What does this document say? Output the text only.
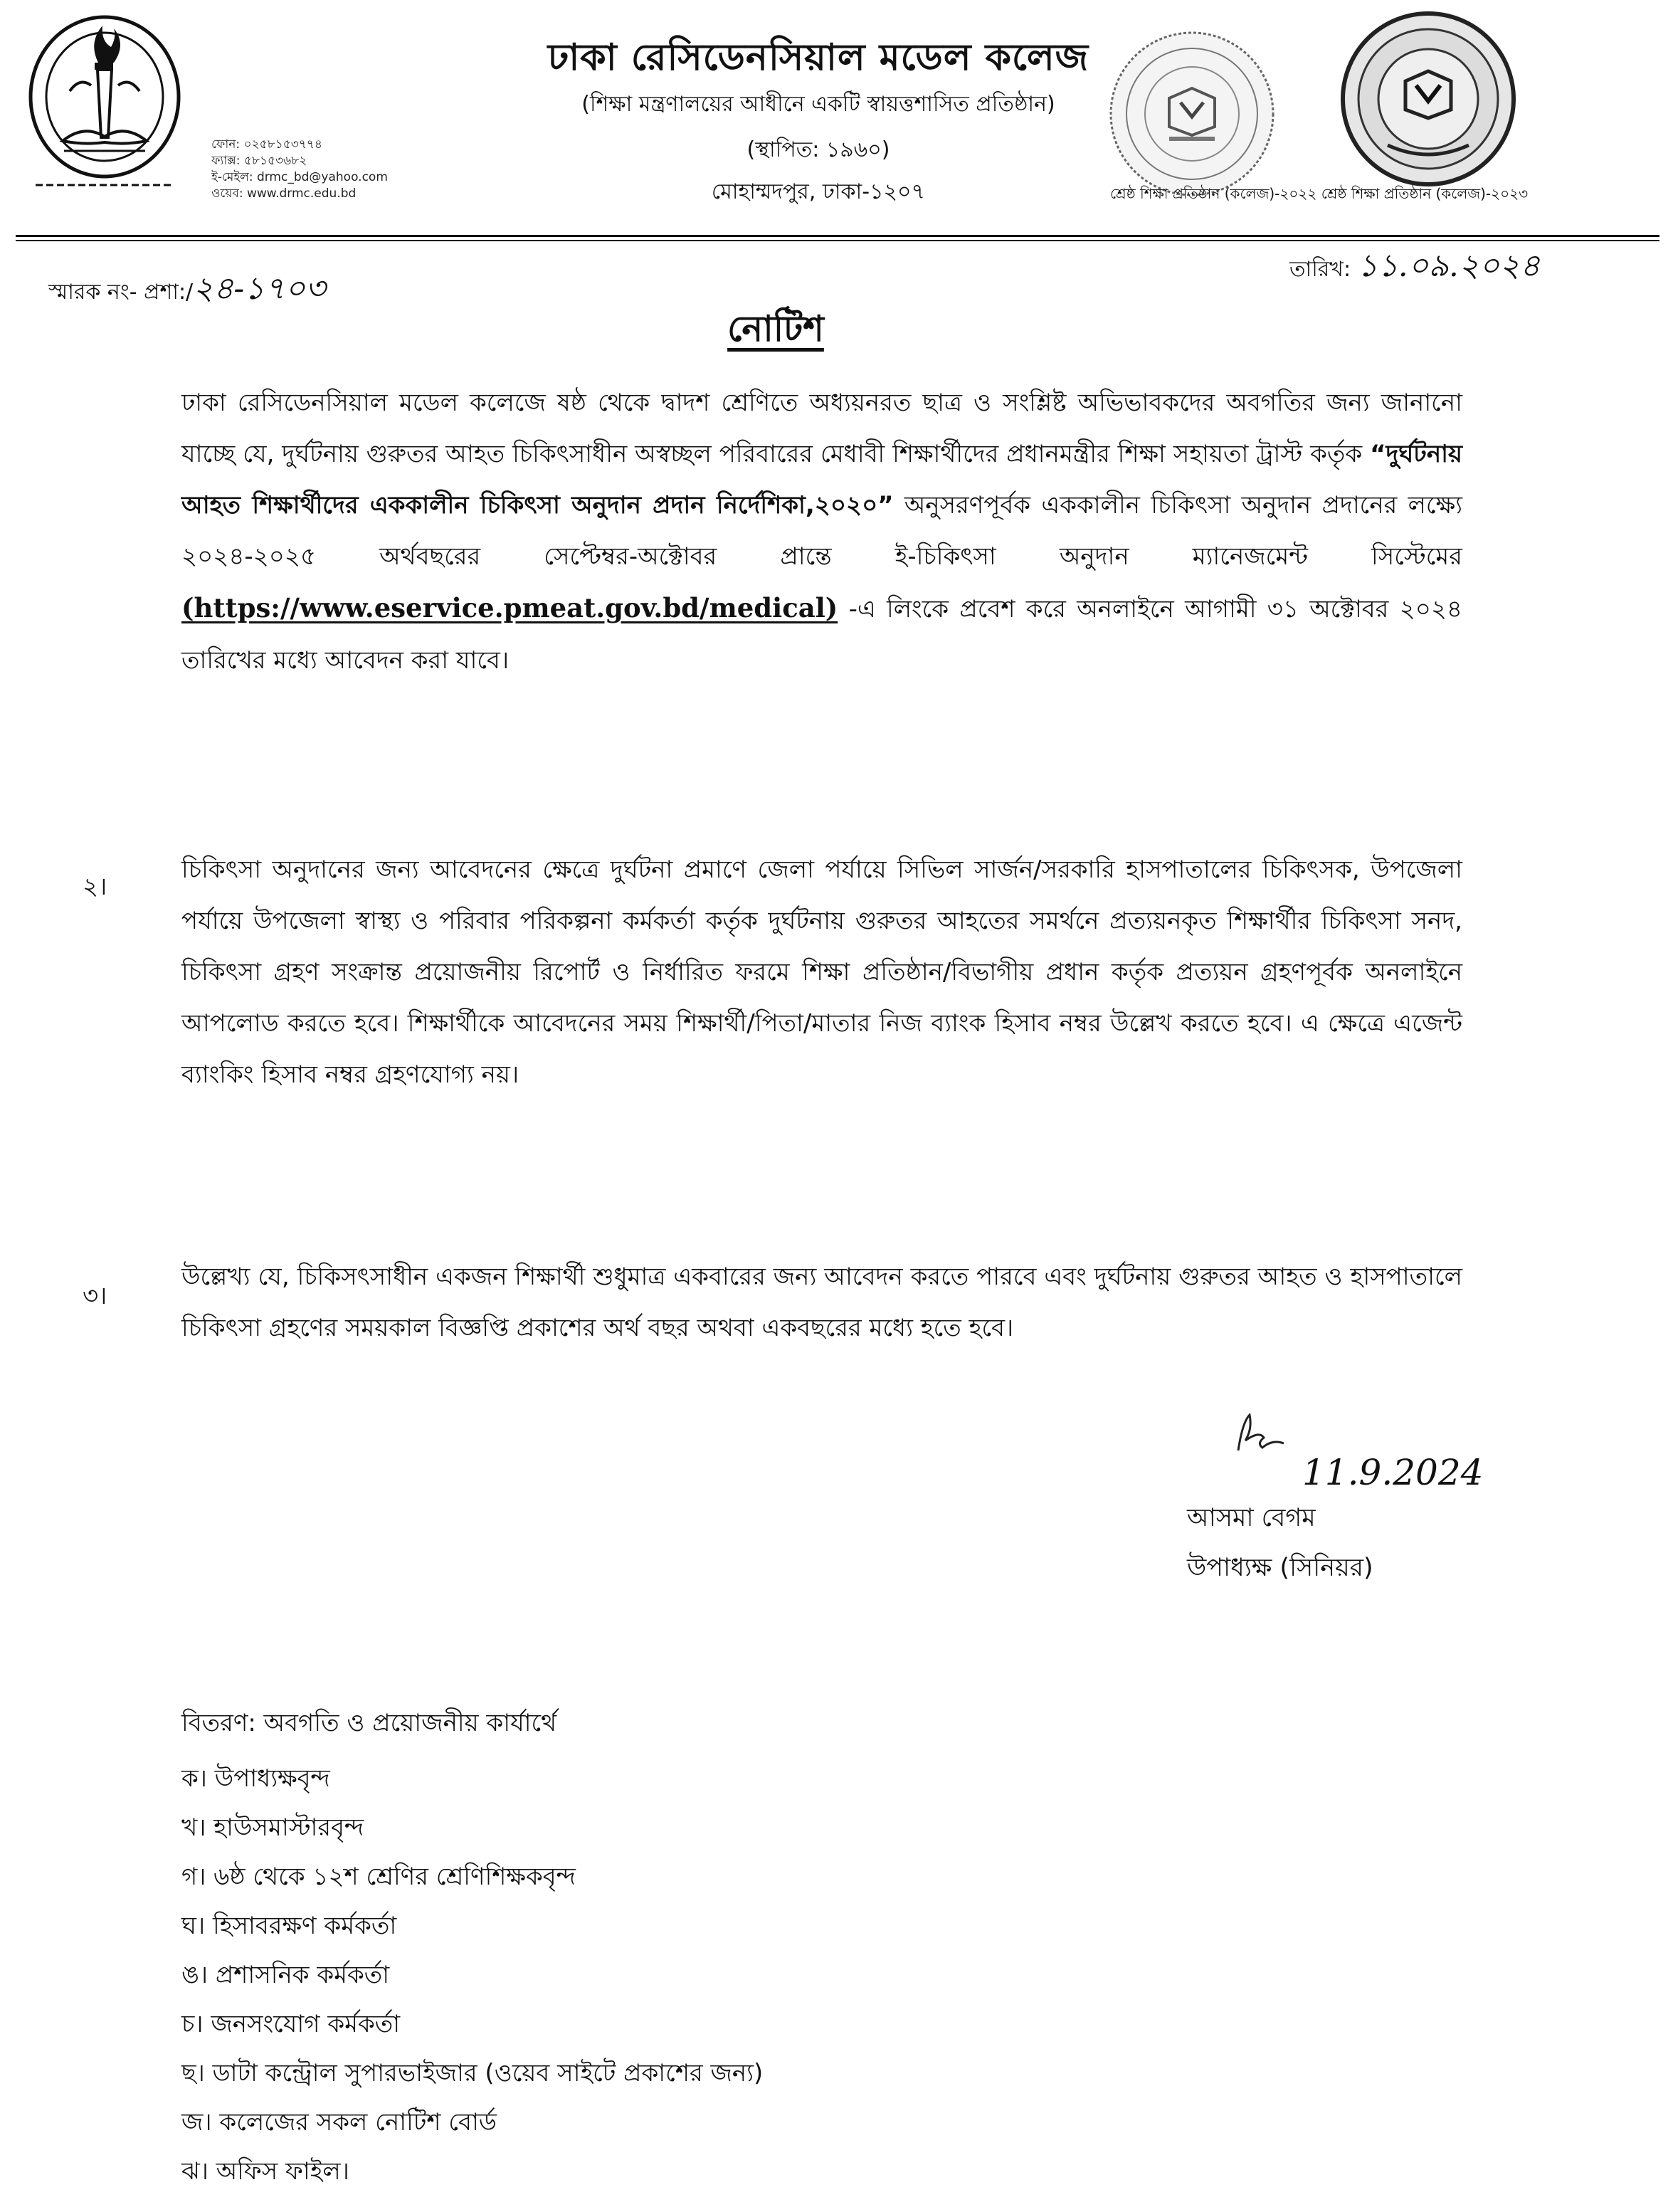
ফোন: ০২৫৮১৫৩৭৭৪
ফ্যাক্স: ৫৮১৫৩৬৮২
ই-মেইল: drmc_bd@yahoo.com
ওয়েব: www.drmc.edu.bd
ঢাকা রেসিডেনসিয়াল মডেল কলেজ
(শিক্ষা মন্ত্রণালয়ের আধীনে একটি স্বায়ত্তশাসিত প্রতিষ্ঠান)
(স্থাপিত: ১৯৬০)
মোহাম্মদপুর, ঢাকা-১২০৭	শ্রেষ্ঠ শিক্ষা প্রতিষ্ঠান (কলেজ)-২০২২ শ্রেষ্ঠ শিক্ষা প্রতিষ্ঠান (কলেজ)-২০২৩
স্মারক নং- প্রশা:/২৪-১৭০৩
তারিখ: ১১.০৯.২০২৪
নোটিশ
ঢাকা রেসিডেনসিয়াল মডেল কলেজে ষষ্ঠ থেকে দ্বাদশ শ্রেণিতে অধ্যয়নরত ছাত্র ও সংশ্লিষ্ট অভিভাবকদের অবগতির জন্য জানানো যাচ্ছে যে, দুর্ঘটনায় গুরুতর আহত চিকিৎসাধীন অস্বচ্ছল পরিবারের মেধাবী শিক্ষার্থীদের প্রধানমন্ত্রীর শিক্ষা সহায়তা ট্রাস্ট কর্তৃক “দুর্ঘটনায় আহত শিক্ষার্থীদের এককালীন চিকিৎসা অনুদান প্রদান নির্দেশিকা,২০২০” অনুসরণপূর্বক এককালীন চিকিৎসা অনুদান প্রদানের লক্ষ্যে ২০২৪-২০২৫ অর্থবছরের সেপ্টেম্বর-অক্টোবর প্রান্তে ই-চিকিৎসা অনুদান ম্যানেজমেন্ট সিস্টেমের (https://www.eservice.pmeat.gov.bd/medical) -এ লিংকে প্রবেশ করে অনলাইনে আগামী ৩১ অক্টোবর ২০২৪ তারিখের মধ্যে আবেদন করা যাবে।
২।
চিকিৎসা অনুদানের জন্য আবেদনের ক্ষেত্রে দুর্ঘটনা প্রমাণে জেলা পর্যায়ে সিভিল সার্জন/সরকারি হাসপাতালের চিকিৎসক, উপজেলা পর্যায়ে উপজেলা স্বাস্থ্য ও পরিবার পরিকল্পনা কর্মকর্তা কর্তৃক দুর্ঘটনায় গুরুতর আহতের সমর্থনে প্রত্যয়নকৃত শিক্ষার্থীর চিকিৎসা সনদ, চিকিৎসা গ্রহণ সংক্রান্ত প্রয়োজনীয় রিপোর্ট ও নির্ধারিত ফরমে শিক্ষা প্রতিষ্ঠান/বিভাগীয় প্রধান কর্তৃক প্রত্যয়ন গ্রহণপূর্বক অনলাইনে আপলোড করতে হবে। শিক্ষার্থীকে আবেদনের সময় শিক্ষার্থী/পিতা/মাতার নিজ ব্যাংক হিসাব নম্বর উল্লেখ করতে হবে। এ ক্ষেত্রে এজেন্ট ব্যাংকিং হিসাব নম্বর গ্রহণযোগ্য নয়।
৩।
উল্লেখ্য যে, চিকিসৎসাধীন একজন শিক্ষার্থী শুধুমাত্র একবারের জন্য আবেদন করতে পারবে এবং দুর্ঘটনায় গুরুতর আহত ও হাসপাতালে চিকিৎসা গ্রহণের সময়কাল বিজ্ঞপ্তি প্রকাশের অর্থ বছর অথবা একবছরের মধ্যে হতে হবে।
11.9.2024
আসমা বেগম
উপাধ্যক্ষ (সিনিয়র)
বিতরণ: অবগতি ও প্রয়োজনীয় কার্যার্থে
ক। উপাধ্যক্ষবৃন্দ
খ। হাউসমাস্টারবৃন্দ
গ। ৬ষ্ঠ থেকে ১২শ শ্রেণির শ্রেণিশিক্ষকবৃন্দ
ঘ। হিসাবরক্ষণ কর্মকর্তা
ঙ। প্রশাসনিক কর্মকর্তা
চ। জনসংযোগ কর্মকর্তা
ছ। ডাটা কন্ট্রোল সুপারভাইজার (ওয়েব সাইটে প্রকাশের জন্য)
জ। কলেজের সকল নোটিশ বোর্ড
ঝ। অফিস ফাইল।
